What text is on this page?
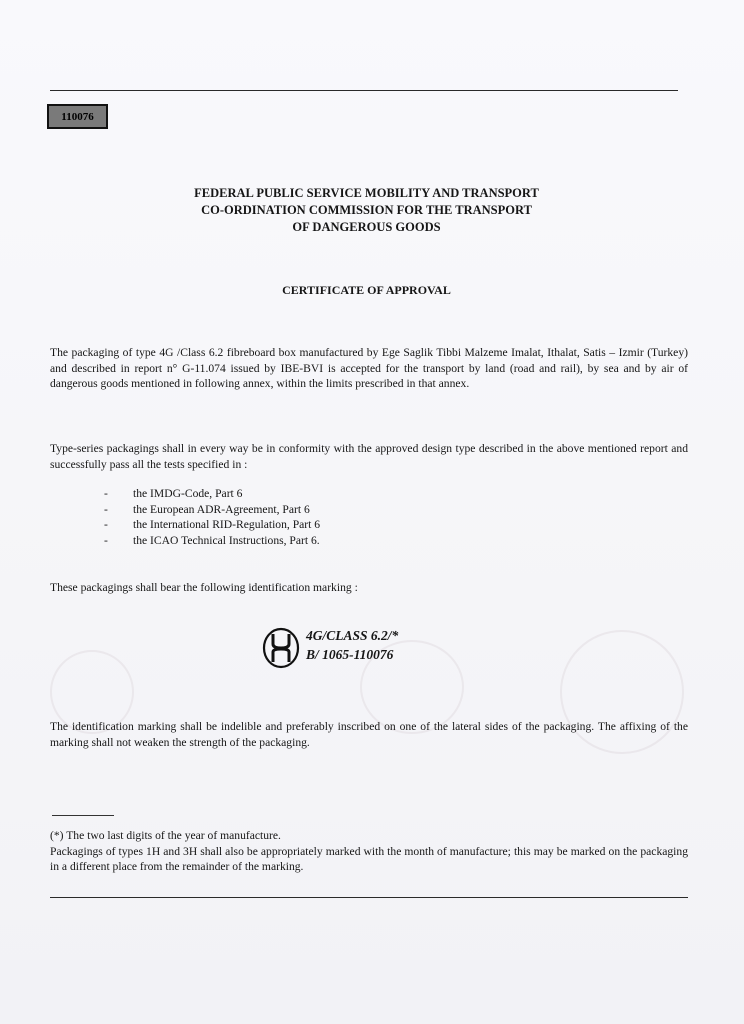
110076
FEDERAL PUBLIC SERVICE MOBILITY AND TRANSPORT
CO-ORDINATION COMMISSION FOR THE TRANSPORT
OF DANGEROUS GOODS
CERTIFICATE OF APPROVAL
The packaging of type 4G /Class 6.2 fibreboard box manufactured by Ege Saglik Tibbi Malzeme Imalat, Ithalat, Satis – Izmir (Turkey) and described in report n° G-11.074 issued by IBE-BVI is accepted for the transport by land (road and rail), by sea and by air of dangerous goods mentioned in following annex, within the limits prescribed in that annex.
Type-series packagings shall in every way be in conformity with the approved design type described in the above mentioned report and successfully pass all the tests specified in :
- the IMDG-Code, Part 6
- the European ADR-Agreement, Part 6
- the International RID-Regulation, Part 6
- the ICAO Technical Instructions, Part 6.
These packagings shall bear the following identification marking :
4G/CLASS 6.2/*
B/ 1065-110076
The identification marking shall be indelible and preferably inscribed on one of the lateral sides of the packaging. The affixing of the marking shall not weaken the strength of the packaging.
(*) The two last digits of the year of manufacture.
Packagings of types 1H and 3H shall also be appropriately marked with the month of manufacture; this may be marked on the packaging in a different place from the remainder of the marking.
